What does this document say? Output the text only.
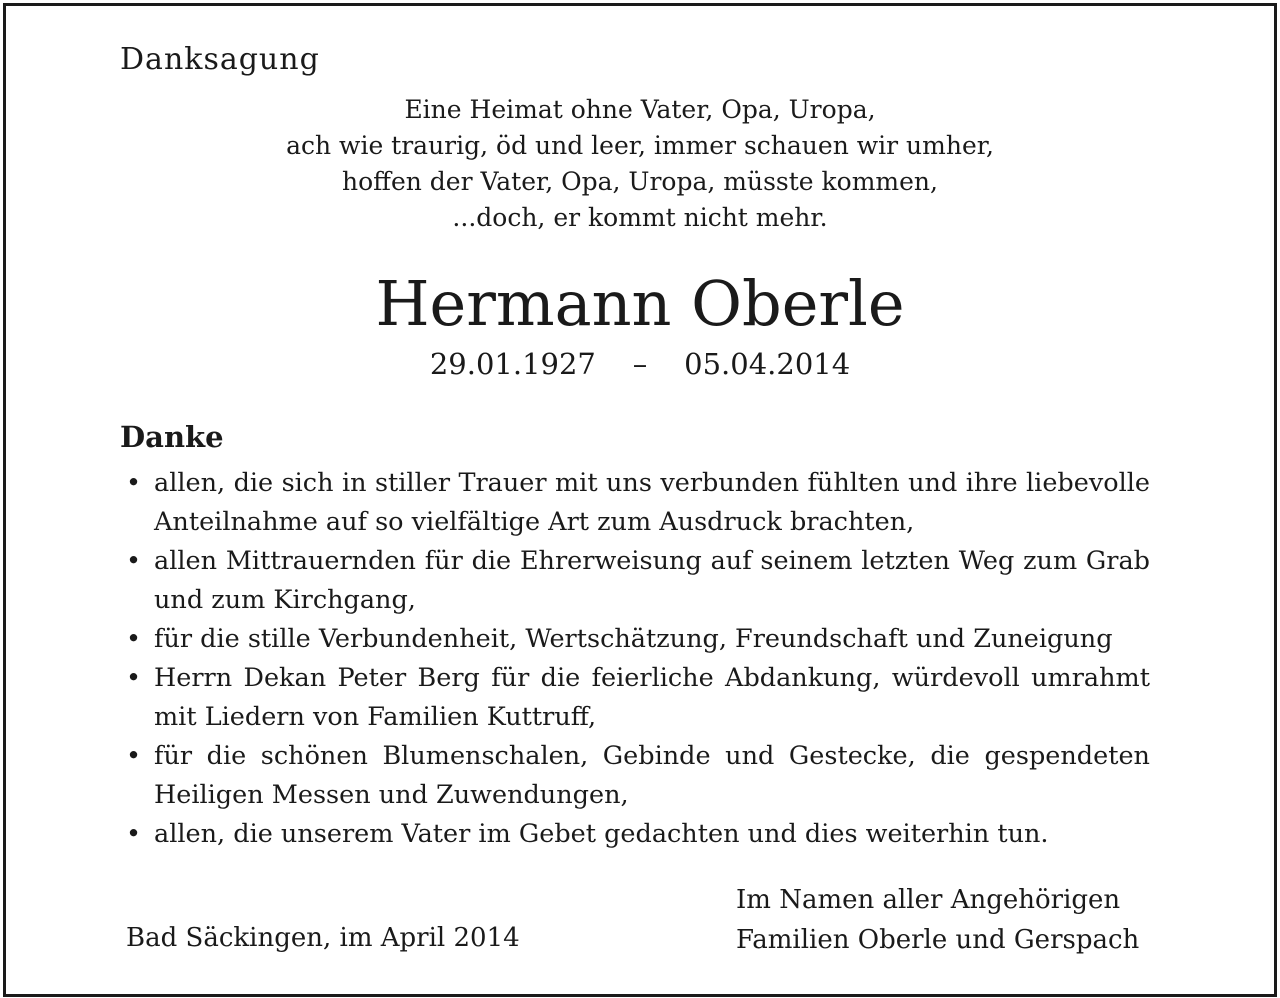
Danksagung
Eine Heimat ohne Vater, Opa, Uropa,
ach wie traurig, öd und leer, immer schauen wir umher,
hoffen der Vater, Opa, Uropa, müsste kommen,
...doch, er kommt nicht mehr.
Hermann Oberle
29.01.1927 – 05.04.2014
Danke
• allen, die sich in stiller Trauer mit uns verbunden fühlten und ihre liebevolle Anteilnahme auf so vielfältige Art zum Ausdruck brachten,
• allen Mittrauernden für die Ehrerweisung auf seinem letzten Weg zum Grab und zum Kirchgang,
• für die stille Verbundenheit, Wertschätzung, Freundschaft und Zuneigung
• Herrn Dekan Peter Berg für die feierliche Abdankung, würdevoll umrahmt mit Liedern von Familien Kuttruff,
• für die schönen Blumenschalen, Gebinde und Gestecke, die gespendeten Heiligen Messen und Zuwendungen,
• allen, die unserem Vater im Gebet gedachten und dies weiterhin tun.
Bad Säckingen, im April 2014
Im Namen aller Angehörigen
Familien Oberle und Gerspach
